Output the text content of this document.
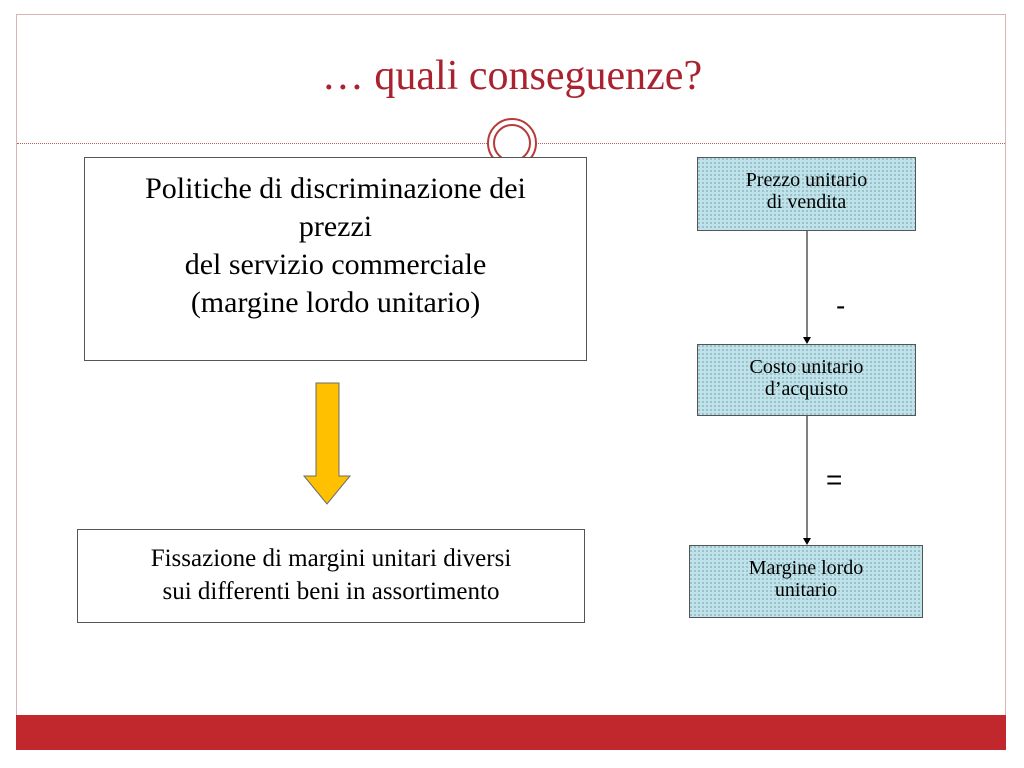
… quali conseguenze?
Politiche di discriminazione dei
prezzi
del servizio commerciale
(margine lordo unitario)
Fissazione di margini unitari diversi
sui differenti beni in assortimento
Prezzo unitario
di vendita
-
Costo unitario
d’acquisto
=
Margine lordo
unitario
